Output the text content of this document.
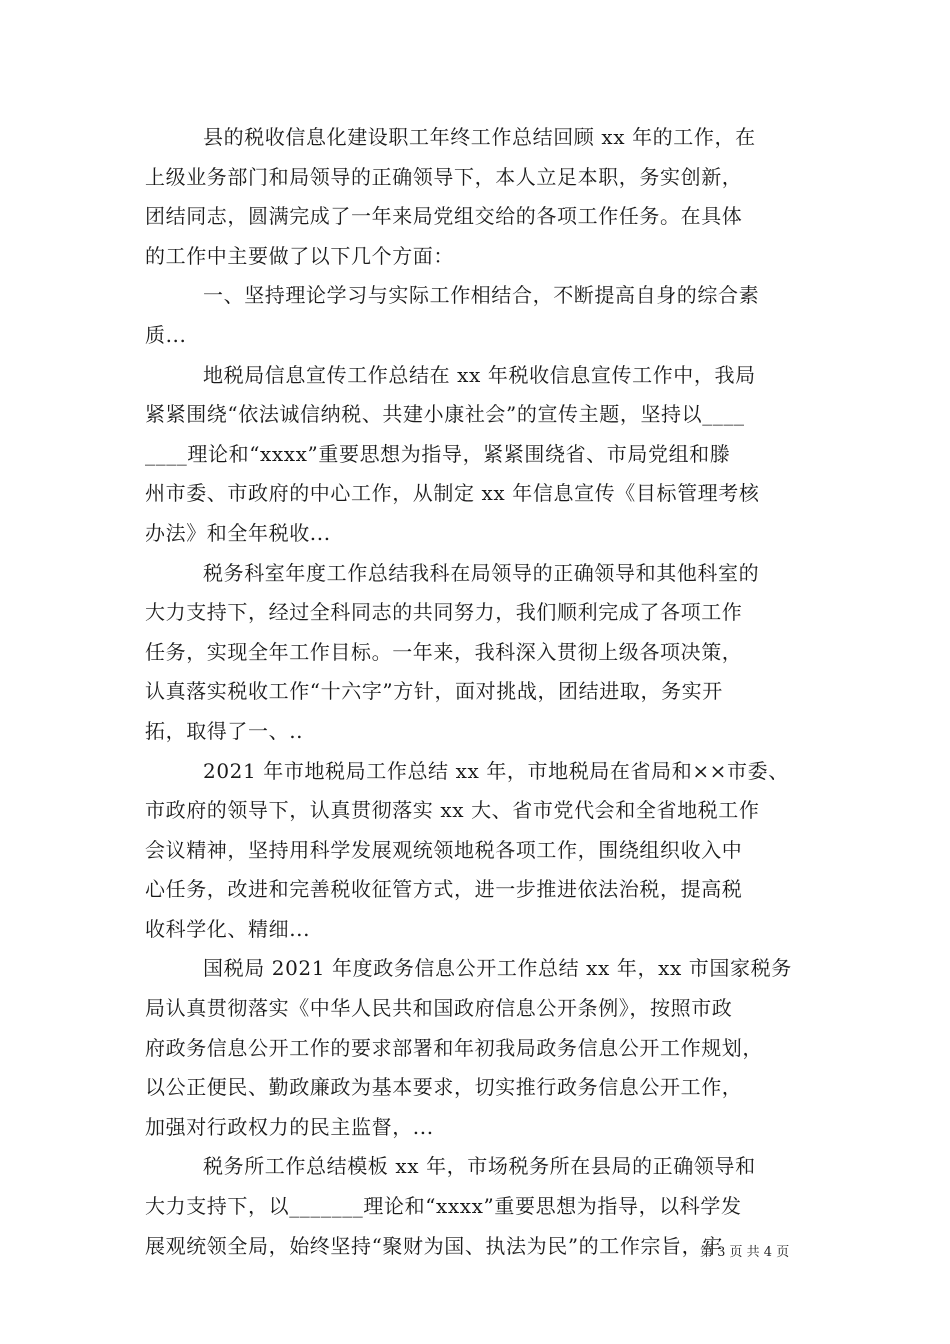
县的税收信息化建设职工年终工作总结回顾 xx 年的工作，在
上级业务部门和局领导的正确领导下，本人立足本职，务实创新，
团结同志，圆满完成了一年来局党组交给的各项工作任务。在具体
的工作中主要做了以下几个方面：
一、坚持理论学习与实际工作相结合，不断提高自身的综合素
质...
地税局信息宣传工作总结在 xx 年税收信息宣传工作中，我局
紧紧围绕“依法诚信纳税、共建小康社会”的宣传主题，坚持以____
____理论和“xxxx”重要思想为指导，紧紧围绕省、市局党组和滕
州市委、市政府的中心工作，从制定 xx 年信息宣传《目标管理考核
办法》和全年税收...
税务科室年度工作总结我科在局领导的正确领导和其他科室的
大力支持下，经过全科同志的共同努力，我们顺利完成了各项工作
任务，实现全年工作目标。一年来，我科深入贯彻上级各项决策，
认真落实税收工作“十六字”方针，面对挑战，团结进取，务实开
拓，取得了一、..
2021 年市地税局工作总结 xx 年，市地税局在省局和××市委、
市政府的领导下，认真贯彻落实 xx 大、省市党代会和全省地税工作
会议精神，坚持用科学发展观统领地税各项工作，围绕组织收入中
心任务，改进和完善税收征管方式，进一步推进依法治税，提高税
收科学化、精细...
国税局 2021 年度政务信息公开工作总结 xx 年，xx 市国家税务
局认真贯彻落实《中华人民共和国政府信息公开条例》，按照市政
府政务信息公开工作的要求部署和年初我局政务信息公开工作规划，
以公正便民、勤政廉政为基本要求，切实推行政务信息公开工作，
加强对行政权力的民主监督，...
税务所工作总结模板 xx 年，市场税务所在县局的正确领导和
大力支持下，以_______理论和“xxxx”重要思想为指导，以科学发
展观统领全局，始终坚持“聚财为国、执法为民”的工作宗旨，牢
第 3 页 共 4 页
